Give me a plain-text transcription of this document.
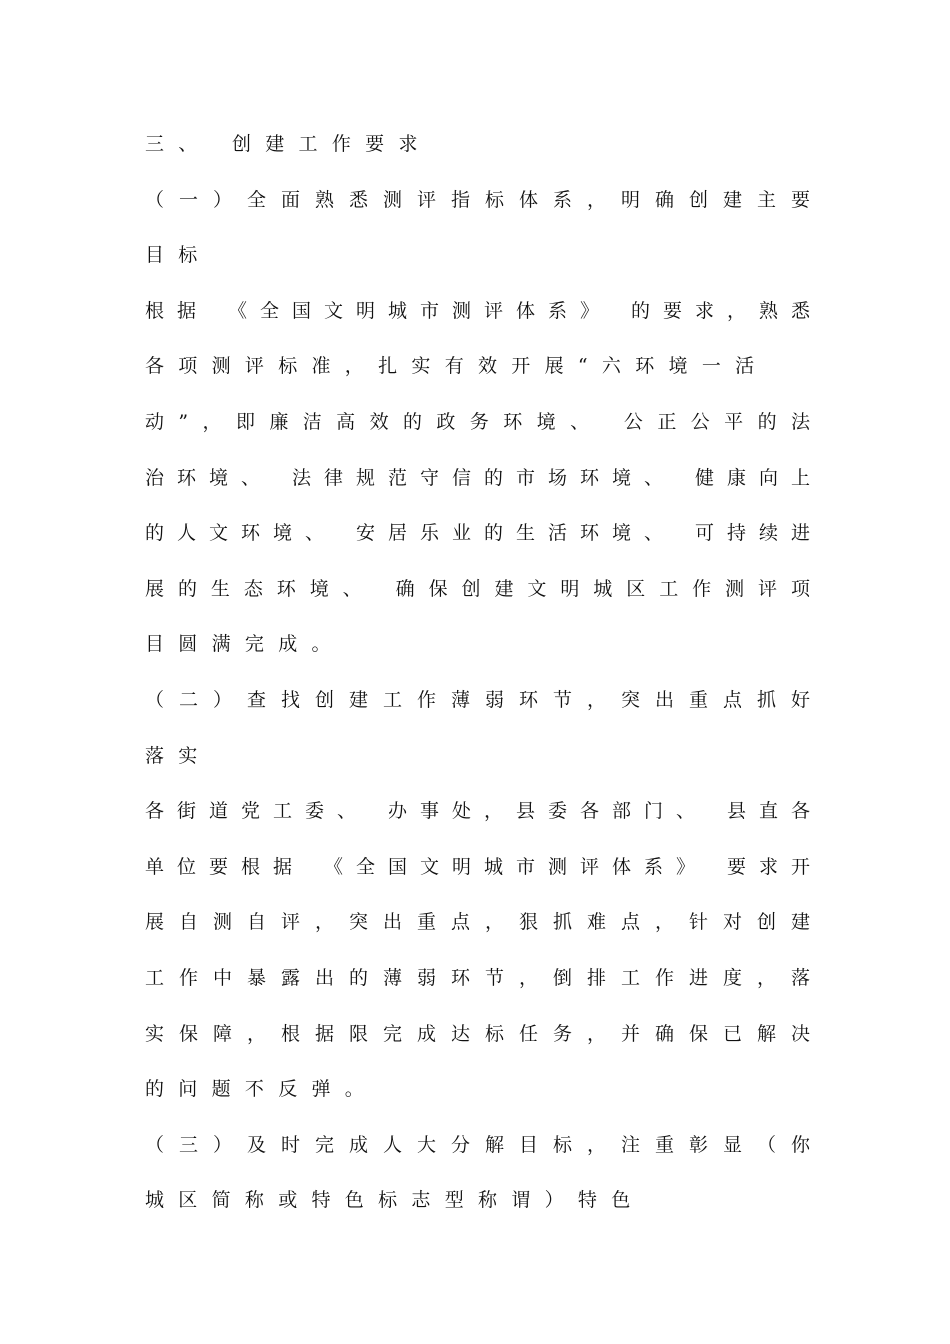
三、 创建工作要求
（一）全面熟悉测评指标体系，明确创建主要
目标
根据 《全国文明城市测评体系》 的要求，熟悉
各项测评标准，扎实有效开展“六环境一活
动”，即廉洁高效的政务环境、 公正公平的法
治环境、 法律规范守信的市场环境、 健康向上
的人文环境、 安居乐业的生活环境、 可持续进
展的生态环境、 确保创建文明城区工作测评项
目圆满完成。
（二）查找创建工作薄弱环节，突出重点抓好
落实
各街道党工委、 办事处，县委各部门、 县直各
单位要根据 《全国文明城市测评体系》 要求开
展自测自评，突出重点，狠抓难点，针对创建
工作中暴露出的薄弱环节，倒排工作进度，落
实保障，根据限完成达标任务，并确保已解决
的问题不反弹。
（三）及时完成人大分解目标，注重彰显（你
城区简称或特色标志型称谓）特色
